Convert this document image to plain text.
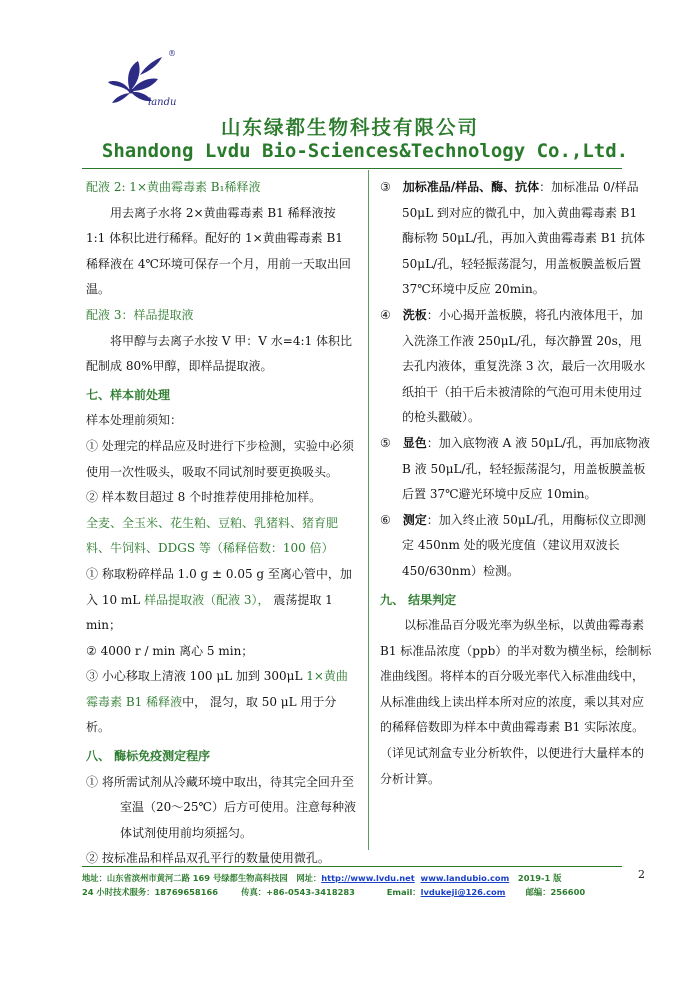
landu
®
山东绿都生物科技有限公司
Shandong Lvdu Bio-Sciences&Technology Co.,Ltd.

配液 2: 1×黄曲霉毒素 B₁稀释液

用去离子水将 2×黄曲霉毒素 B1 稀释液按 1:1 体积比进行稀释。配好的 1×黄曲霉毒素 B1 稀释液在 4℃环境可保存一个月，用前一天取出回温。

配液 3：样品提取液

将甲醇与去离子水按 V 甲：V 水=4:1 体积比配制成 80%甲醇，即样品提取液。

七、样本前处理

样本处理前须知：

① 处理完的样品应及时进行下步检测，实验中必须使用一次性吸头，吸取不同试剂时要更换吸头。

② 样本数目超过 8 个时推荐使用排枪加样。

全麦、全玉米、花生粕、豆粕、乳猪料、猪育肥料、牛饲料、DDGS 等（稀释倍数：100 倍）

① 称取粉碎样品 1.0 g ± 0.05 g 至离心管中，加入 10 mL 样品提取液（配液 3）， 震荡提取 1 min；

② 4000 r / min 离心 5 min；

③ 小心移取上清液 100 μL 加到 300μL 1×黄曲霉毒素 B1 稀释液中， 混匀，取 50 μL 用于分析。

八、 酶标免疫测定程序

① 将所需试剂从冷藏环境中取出，待其完全回升至室温（20～25℃）后方可使用。注意每种液体试剂使用前均须摇匀。

② 按标准品和样品双孔平行的数量使用微孔。

③　 加标准品/样品、酶、抗体：加标准品 0/样品 50μL 到对应的微孔中，加入黄曲霉毒素 B1 酶标物 50μL/孔，再加入黄曲霉毒素 B1 抗体 50μL/孔，轻轻振荡混匀，用盖板膜盖板后置 37℃环境中反应 20min。

④　 洗板：小心揭开盖板膜，将孔内液体甩干，加入洗涤工作液 250μL/孔，每次静置 20s，甩去孔内液体，重复洗涤 3 次，最后一次用吸水纸拍干（拍干后未被清除的气泡可用未使用过的枪头戳破）。

⑤　 显色：加入底物液 A 液 50μL/孔，再加底物液 B 液 50μL/孔，轻轻振荡混匀，用盖板膜盖板后置 37℃避光环境中反应 10min。

⑥　 测定：加入终止液 50μL/孔，用酶标仪立即测定 450nm 处的吸光度值（建议用双波长 450/630nm）检测。

九、 结果判定

以标准品百分吸光率为纵坐标，以黄曲霉毒素 B1 标准品浓度（ppb）的半对数为横坐标，绘制标准曲线图。将样本的百分吸光率代入标准曲线中，从标准曲线上读出样本所对应的浓度，乘以其对应的稀释倍数即为样本中黄曲霉毒素 B1 实际浓度。（详见试剂盒专业分析软件，以便进行大量样本的分析计算。

地址：山东省滨州市黄河二路 169 号绿都生物高科技园 网址：http://www.lvdu.net www.landubio.com 2019-1 版
24 小时技术服务：18769658166	传真：+86-0543-3418283	Email：lvdukeji@126.com 邮编：256600
2
